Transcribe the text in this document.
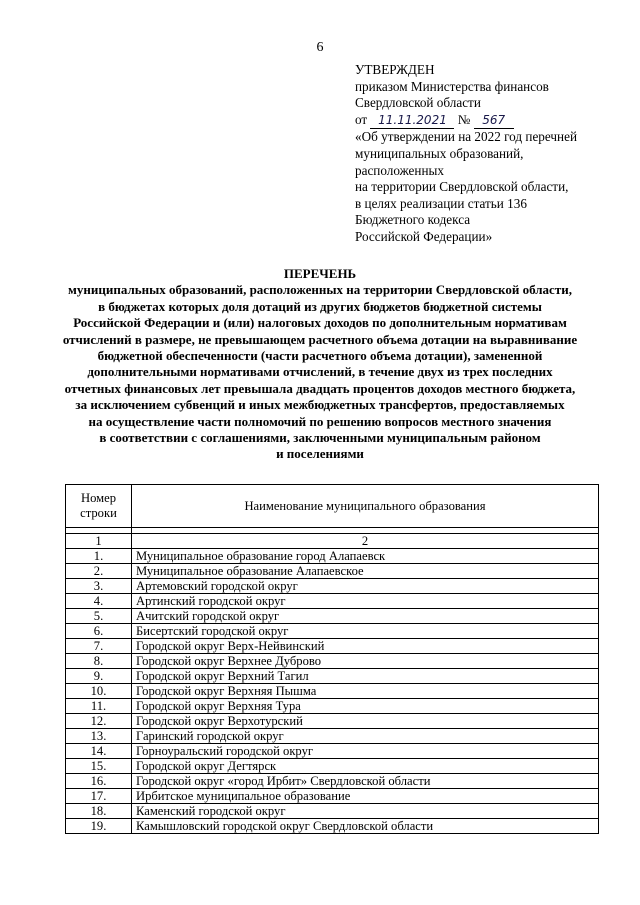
6
УТВЕРЖДЕН
приказом Министерства финансов
Свердловской области
от 11.11.2021 № 567
«Об утверждении на 2022 год перечней
муниципальных образований,
расположенных
на территории Свердловской области,
в целях реализации статьи 136
Бюджетного кодекса
Российской Федерации»
ПЕРЕЧЕНЬ
муниципальных образований, расположенных на территории Свердловской области,
в бюджетах которых доля дотаций из других бюджетов бюджетной системы
Российской Федерации и (или) налоговых доходов по дополнительным нормативам
отчислений в размере, не превышающем расчетного объема дотации на выравнивание
бюджетной обеспеченности (части расчетного объема дотации), замененной
дополнительными нормативами отчислений, в течение двух из трех последних
отчетных финансовых лет превышала двадцать процентов доходов местного бюджета,
за исключением субвенций и иных межбюджетных трансфертов, предоставляемых
на осуществление части полномочий по решению вопросов местного значения
в соответствии с соглашениями, заключенными муниципальным районом
и поселениями
Номер
строки	Наименование муниципального образования

1	2
1.	Муниципальное образование город Алапаевск
2.	Муниципальное образование Алапаевское
3.	Артемовский городской округ
4.	Артинский городской округ
5.	Ачитский городской округ
6.	Бисертский городской округ
7.	Городской округ Верх-Нейвинский
8.	Городской округ Верхнее Дуброво
9.	Городской округ Верхний Тагил
10.	Городской округ Верхняя Пышма
11.	Городской округ Верхняя Тура
12.	Городской округ Верхотурский
13.	Гаринский городской округ
14.	Горноуральский городской округ
15.	Городской округ Дегтярск
16.	Городской округ «город Ирбит» Свердловской области
17.	Ирбитское муниципальное образование
18.	Каменский городской округ
19.	Камышловский городской округ Свердловской области
